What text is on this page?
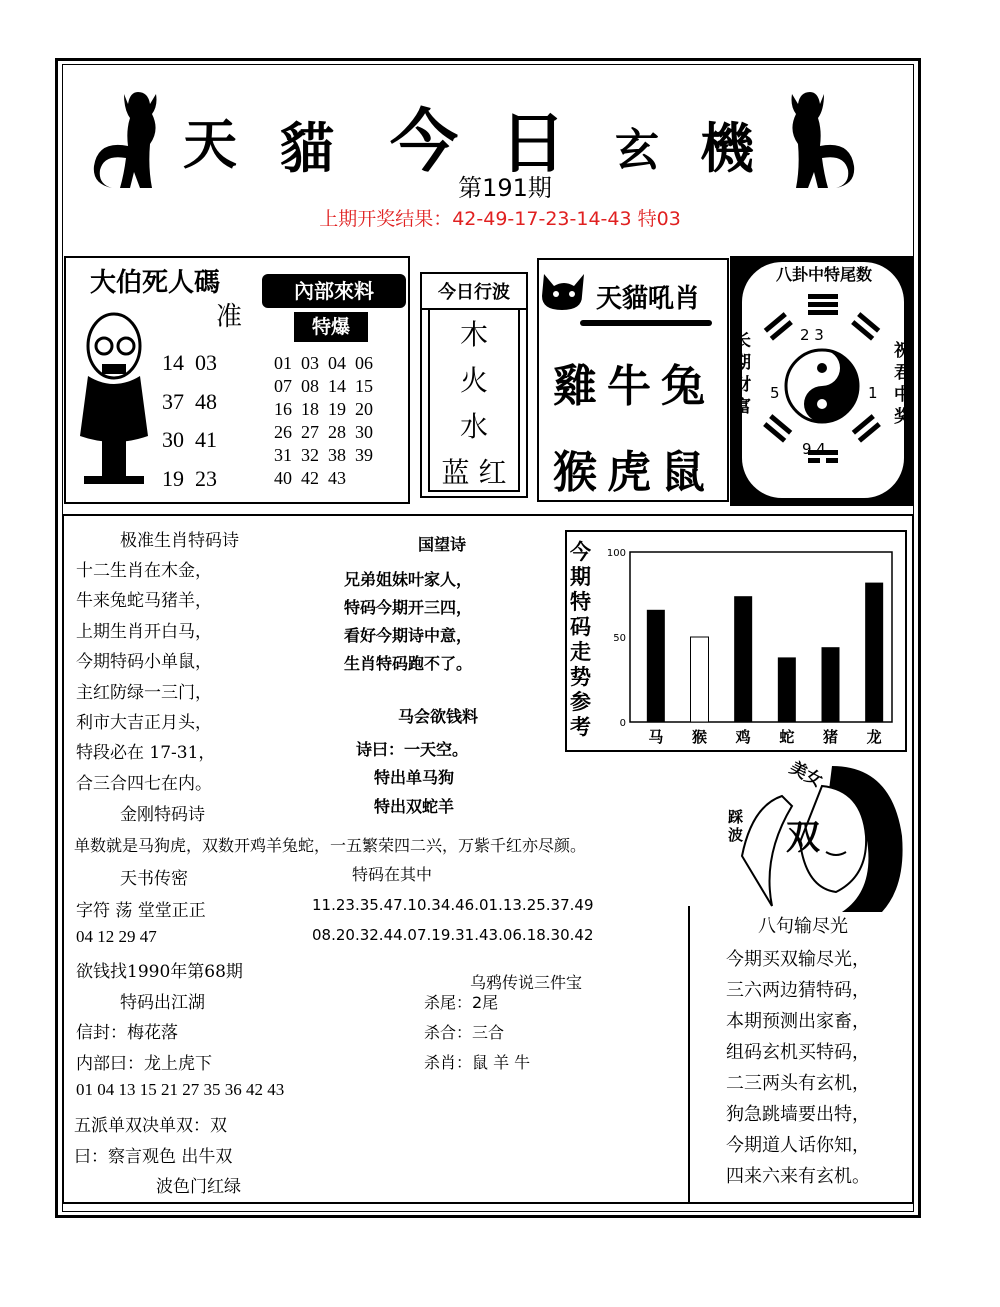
天 貓 今 日 玄 機
第191期
上期开奖结果：42-49-17-23-14-43 特03
大伯死人碼
准
14 03
37 48
30 41
19 23
內部來料
特爆
01 03 04 06
07 08 14 15
16 18 19 20
26 27 28 30
31 32 38 39
40 42 43
今日行波
木
火
水
蓝 红
天貓吼肖
雞牛兔
猴虎鼠
八卦中特尾数
2 3
5	6 1
9 4
长期财富
祝君中奖
极准生肖特码诗
十二生肖在木金，
牛来兔蛇马猪羊，
上期生肖开白马，
今期特码小单鼠，
主红防绿一三门，
利市大吉正月头，
特段必在 17-31，
合三合四七在内。
金刚特码诗
单数就是马狗虎，双数开鸡羊兔蛇，一五繁荣四二兴，万紫千红亦尽颜。
天书传密
字符 荡 堂堂正正
04 12 29 47
欲钱找1990年第68期
特码出江湖
信封：梅花落
内部曰：龙上虎下
01 04 13 15 21 27 35 36 42 43
五派单双决单双：双
曰：察言观色 出牛双
波色门红绿
国望诗
兄弟姐妹叶家人，
特码今期开三四，
看好今期诗中意，
生肖特码跑不了。
马会欲钱料
诗曰：一天空。
特出单马狗
特出双蛇羊
特码在其中
11.23.35.47.10.34.46.01.13.25.37.49
08.20.32.44.07.19.31.43.06.18.30.42
乌鸦传说三件宝
杀尾：2尾
杀合：三合
杀肖：鼠 羊 牛
今期特码走势参考
100
50
0
马 猴 鸡 蛇 猪 龙
美女
踩波 双
八句输尽光
今期买双输尽光，
三六两边猜特码，
本期预测出家畜，
组码玄机买特码，
二三两头有玄机，
狗急跳墙要出特，
今期道人话你知，
四来六来有玄机。
